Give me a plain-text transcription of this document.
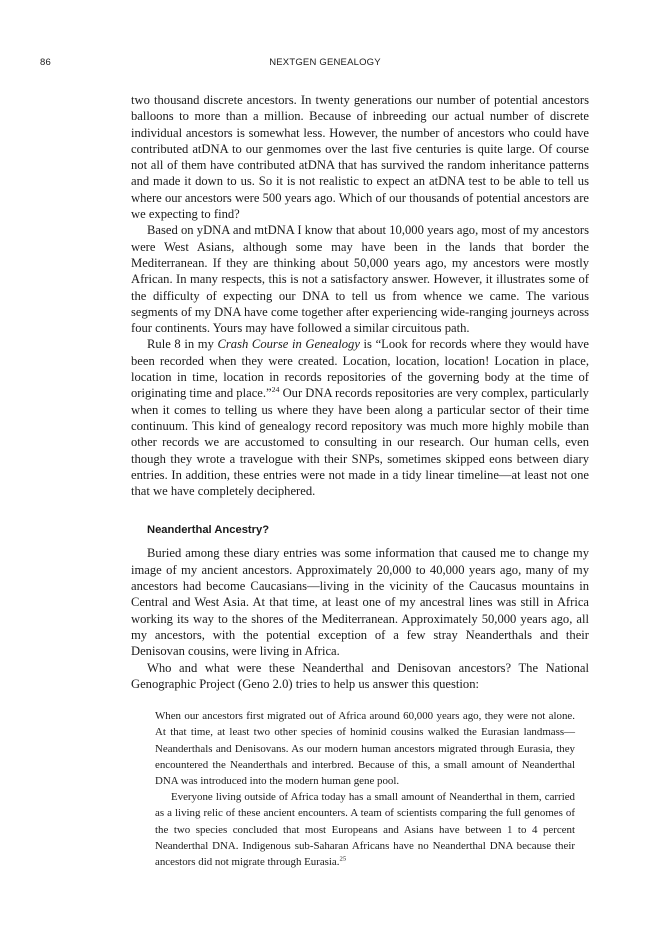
86	NEXTGEN GENEALOGY

two thousand discrete ancestors. In twenty generations our number of potential ancestors balloons to more than a million. Because of inbreeding our actual number of discrete individual ancestors is somewhat less. However, the number of ancestors who could have contributed atDNA to our genmomes over the last five centuries is quite large. Of course not all of them have contributed atDNA that has survived the random inheritance patterns and made it down to us. So it is not realistic to expect an atDNA test to be able to tell us where our ancestors were 500 years ago. Which of our thousands of potential ancestors are we expecting to find?

Based on yDNA and mtDNA I know that about 10,000 years ago, most of my ancestors were West Asians, although some may have been in the lands that border the Mediterranean. If they are thinking about 50,000 years ago, my ancestors were mostly African. In many respects, this is not a satisfactory answer. However, it illustrates some of the difficulty of expecting our DNA to tell us from whence we came. The various segments of my DNA have come together after experiencing wide-ranging journeys across four continents. Yours may have followed a similar circuitous path.

Rule 8 in my Crash Course in Genealogy is “Look for records where they would have been recorded when they were created. Location, location, location! Location in place, location in time, location in records repositories of the governing body at the time of originating time and place.”$^{24}$ Our DNA records repositories are very complex, particularly when it comes to telling us where they have been along a particular sector of their time continuum. This kind of genealogy record repository was much more highly mobile than other records we are accustomed to consulting in our research. Our human cells, even though they wrote a travelogue with their SNPs, sometimes skipped eons between diary entries. In addition, these entries were not made in a tidy linear timeline—at least not one that we have completely deciphered.

Neanderthal Ancestry?

Buried among these diary entries was some information that caused me to change my image of my ancient ancestors. Approximately 20,000 to 40,000 years ago, many of my ancestors had become Caucasians—living in the vicinity of the Caucasus mountains in Central and West Asia. At that time, at least one of my ancestral lines was still in Africa working its way to the shores of the Mediterranean. Approximately 50,000 years ago, all my ancestors, with the potential exception of a few stray Neanderthals and their Denisovan cousins, were living in Africa.

Who and what were these Neanderthal and Denisovan ancestors? The National Genographic Project (Geno 2.0) tries to help us answer this question:

When our ancestors first migrated out of Africa around 60,000 years ago, they were not alone. At that time, at least two other species of hominid cousins walked the Eurasian landmass—Neanderthals and Denisovans. As our modern human ancestors migrated through Eurasia, they encountered the Neanderthals and interbred. Because of this, a small amount of Neanderthal DNA was introduced into the modern human gene pool.

Everyone living outside of Africa today has a small amount of Neanderthal in them, carried as a living relic of these ancient encounters. A team of scientists comparing the full genomes of the two species concluded that most Europeans and Asians have between 1 to 4 percent Neanderthal DNA. Indigenous sub-Saharan Africans have no Neanderthal DNA because their ancestors did not migrate through Eurasia.$^{25}$
